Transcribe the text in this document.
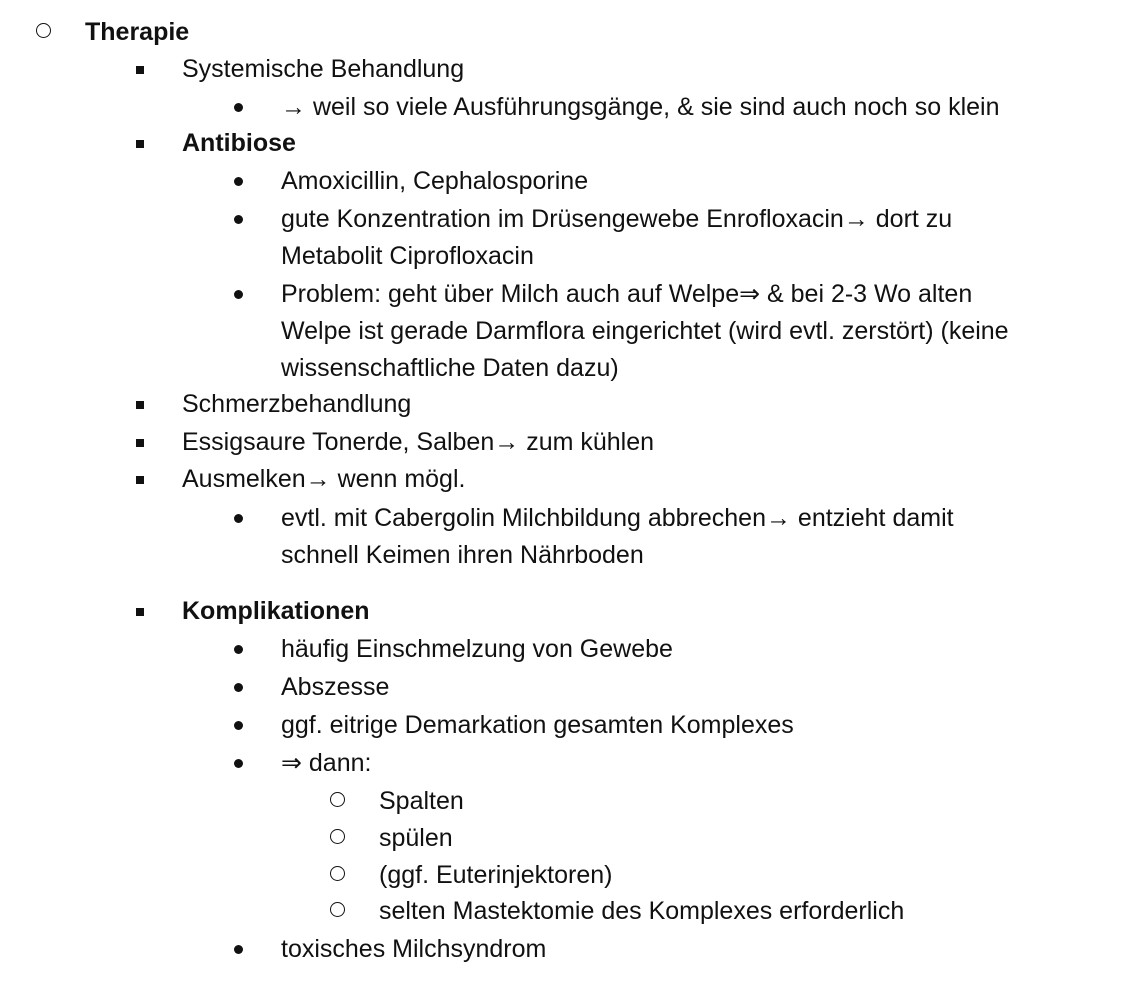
Therapie
Systemische Behandlung
→ weil so viele Ausführungsgänge, & sie sind auch noch so klein
Antibiose
Amoxicillin, Cephalosporine
gute Konzentration im Drüsengewebe Enrofloxacin→ dort zu
Metabolit Ciprofloxacin
Problem: geht über Milch auch auf Welpe⇒ & bei 2-3 Wo alten
Welpe ist gerade Darmflora eingerichtet (wird evtl. zerstört) (keine
wissenschaftliche Daten dazu)
Schmerzbehandlung
Essigsaure Tonerde, Salben→ zum kühlen
Ausmelken→ wenn mögl.
evtl. mit Cabergolin Milchbildung abbrechen→ entzieht damit
schnell Keimen ihren Nährboden
Komplikationen
häufig Einschmelzung von Gewebe
Abszesse
ggf. eitrige Demarkation gesamten Komplexes
⇒ dann:
Spalten
spülen
(ggf. Euterinjektoren)
selten Mastektomie des Komplexes erforderlich
toxisches Milchsyndrom
